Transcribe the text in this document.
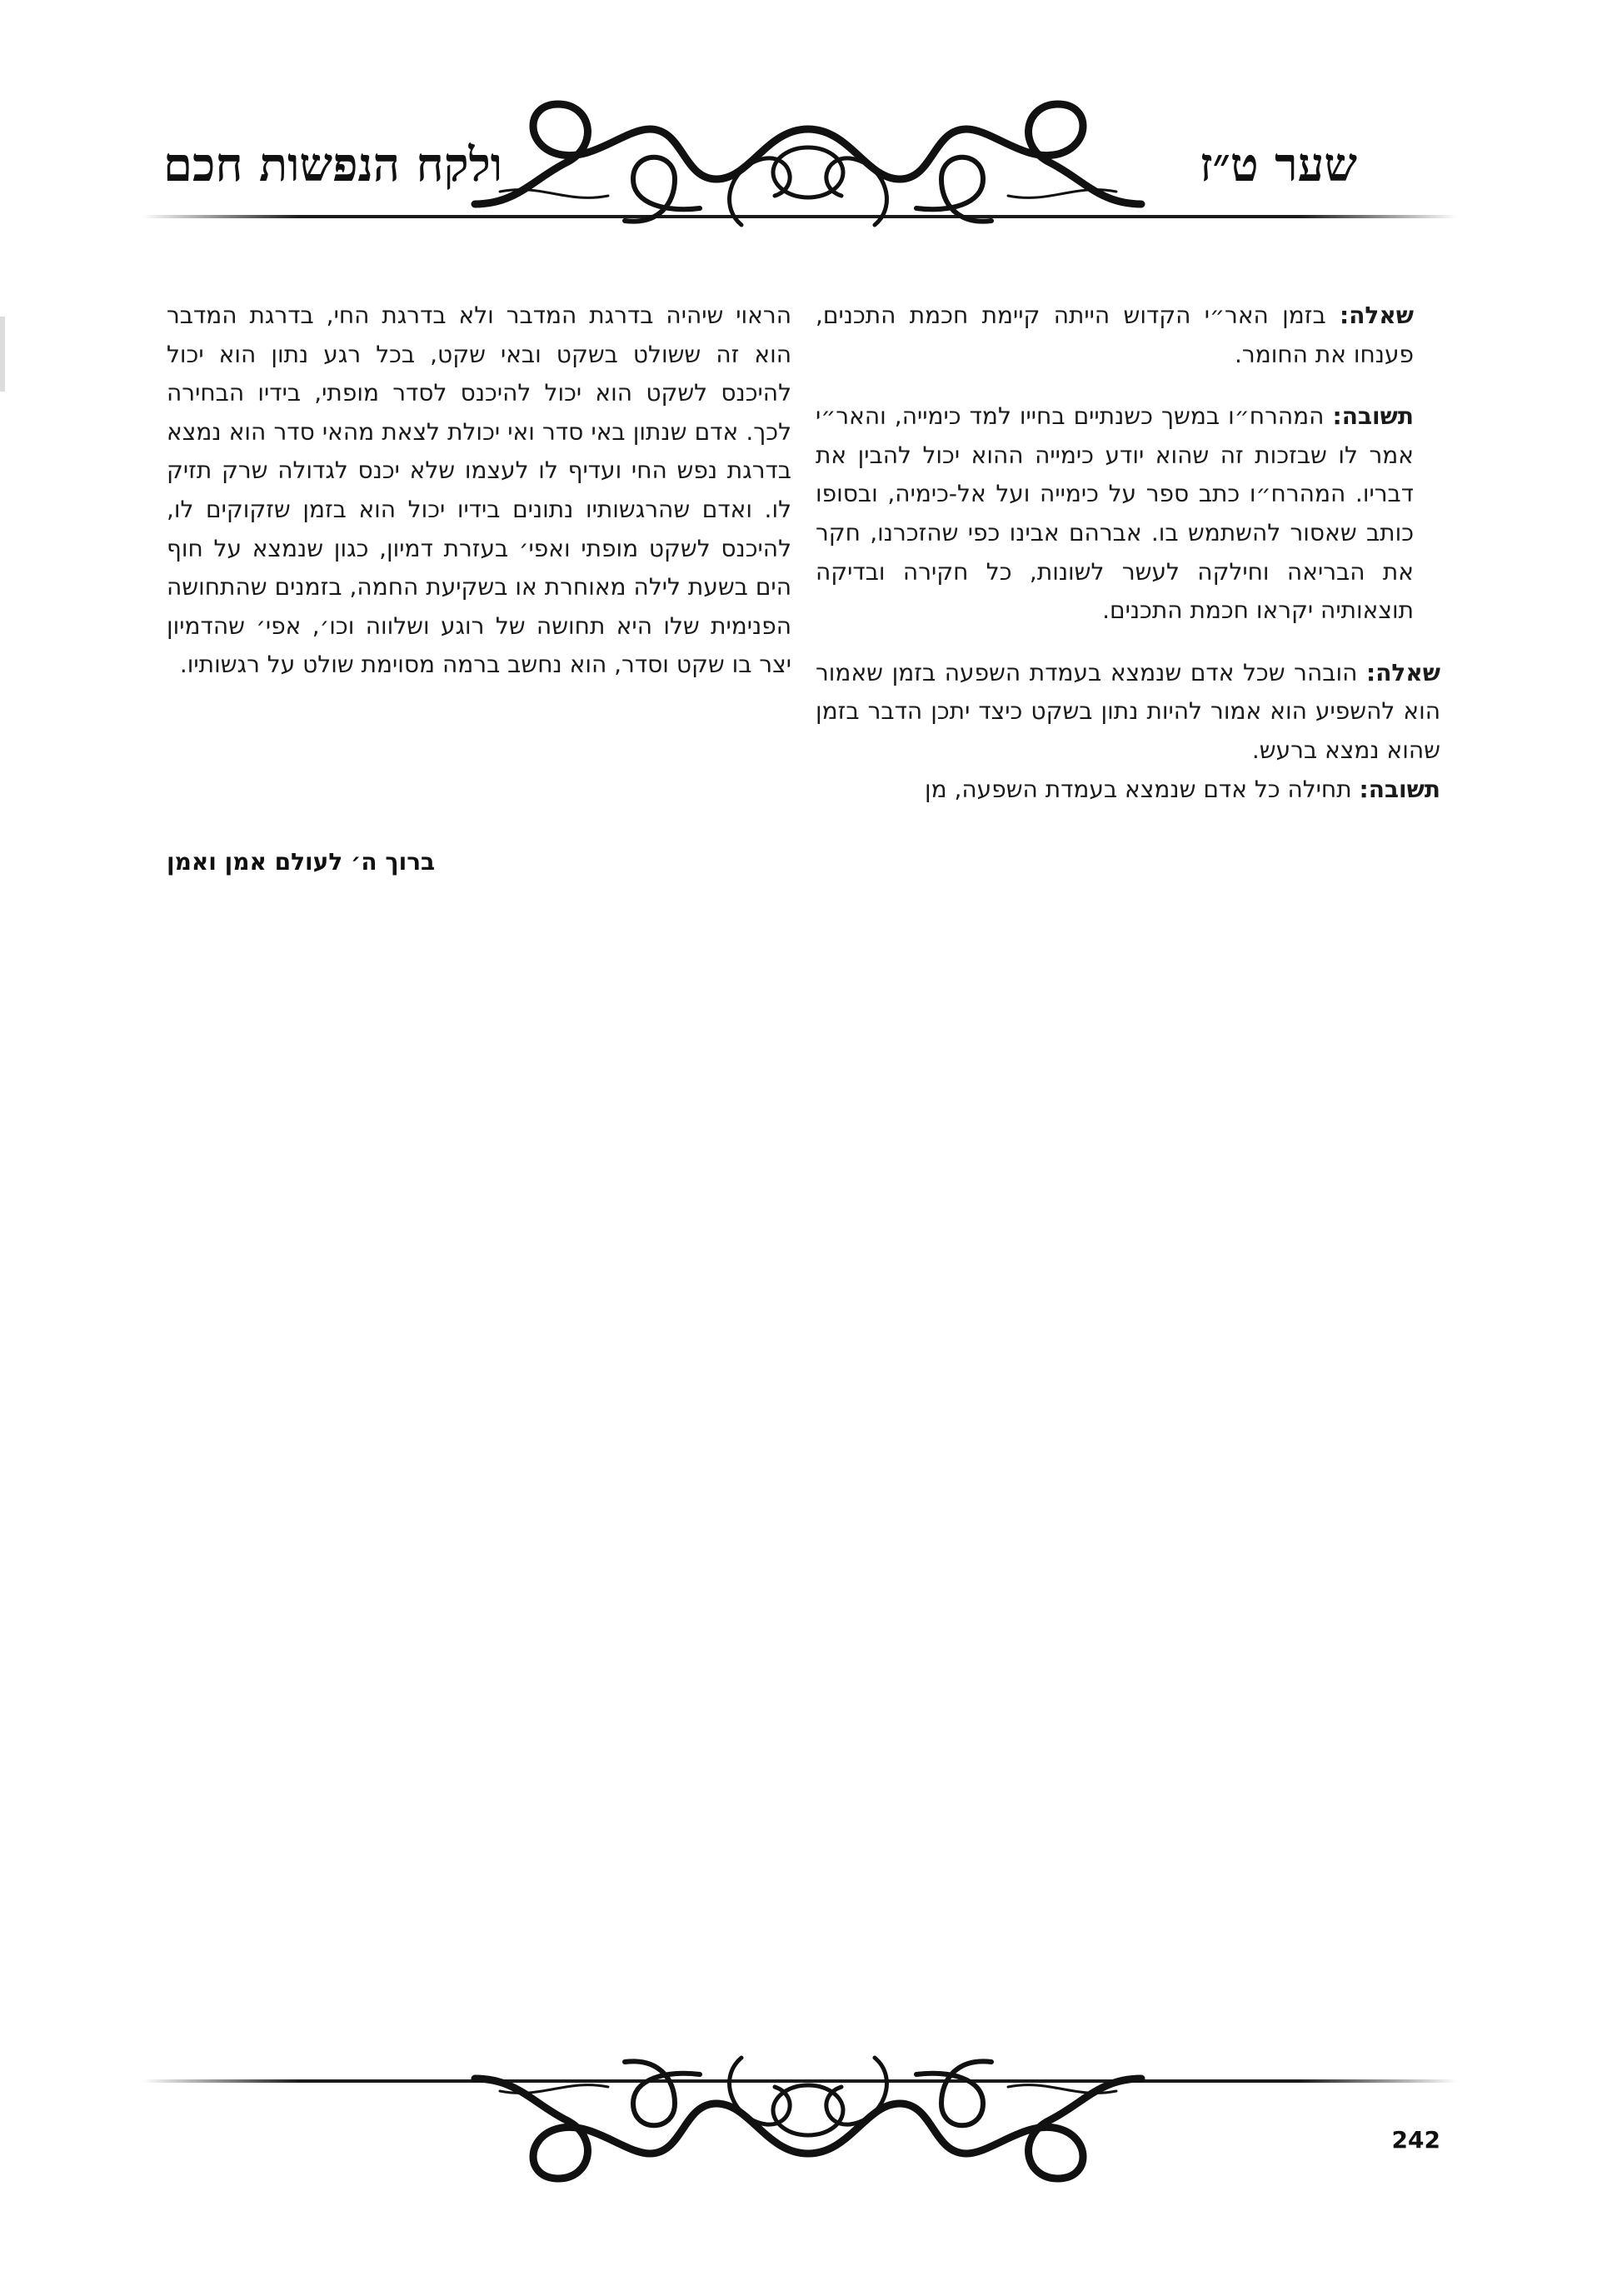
שער ט״ז
ולקח הנפשות חכם

שאלה: בזמן האר״י הקדוש הייתה קיימת חכמת התכנים, פענחו את החומר.

תשובה: המהרח״ו במשך כשנתיים בחייו למד כימייה, והאר״י אמר לו שבזכות זה שהוא יודע כימייה ההוא יכול להבין את דבריו. המהרח״ו כתב ספר על כימייה ועל אל-כימיה, ובסופו כותב שאסור להשתמש בו. אברהם אבינו כפי שהזכרנו, חקר את הבריאה וחילקה לעשר לשונות, כל חקירה ובדיקה תוצאותיה יקראו חכמת התכנים.

שאלה: הובהר שכל אדם שנמצא בעמדת השפעה בזמן שאמור הוא להשפיע הוא אמור להיות נתון בשקט כיצד יתכן הדבר בזמן שהוא נמצא ברעש.

תשובה: תחילה כל אדם שנמצא בעמדת השפעה, מן

הראוי שיהיה בדרגת המדבר ולא בדרגת החי, בדרגת המדבר הוא זה ששולט בשקט ובאי שקט, בכל רגע נתון הוא יכול להיכנס לשקט הוא יכול להיכנס לסדר מופתי, בידיו הבחירה לכך. אדם שנתון באי סדר ואי יכולת לצאת מהאי סדר הוא נמצא בדרגת נפש החי ועדיף לו לעצמו שלא יכנס לגדולה שרק תזיק לו. ואדם שהרגשותיו נתונים בידיו יכול הוא בזמן שזקוקים לו, להיכנס לשקט מופתי ואפי׳ בעזרת דמיון, כגון שנמצא על חוף הים בשעת לילה מאוחרת או בשקיעת החמה, בזמנים שהתחושה הפנימית שלו היא תחושה של רוגע ושלווה וכו׳, אפי׳ שהדמיון יצר בו שקט וסדר, הוא נחשב ברמה מסוימת שולט על רגשותיו.

ברוך ה׳ לעולם אמן ואמן
242
